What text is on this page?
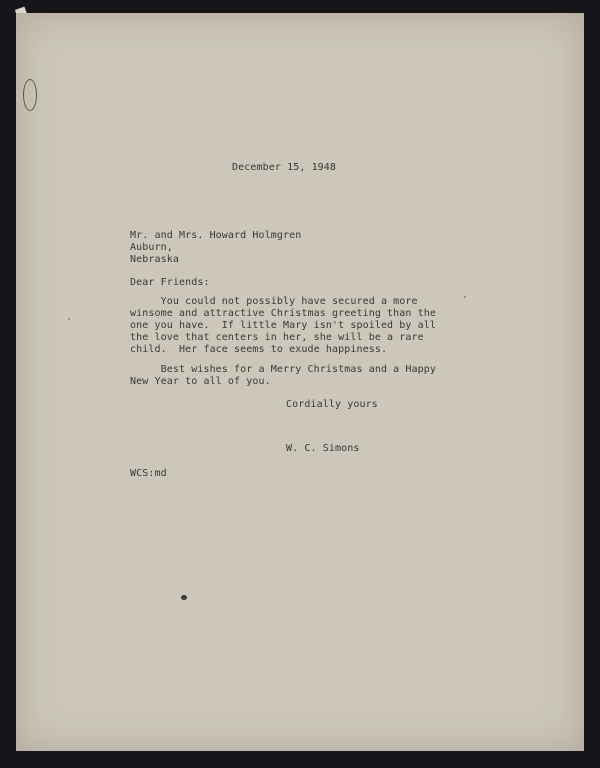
December 15, 1948

Mr. and Mrs. Howard Holmgren
Auburn,
Nebraska

Dear Friends:

You could not possibly have secured a more
winsome and attractive Christmas greeting than the
one you have.  If little Mary isn't spoiled by all
the love that centers in her, she will be a rare
child.  Her face seems to exude happiness.
Best wishes for a Merry Christmas and a Happy
New Year to all of you.

Cordially yours

W. C. Simons

WCS:md
